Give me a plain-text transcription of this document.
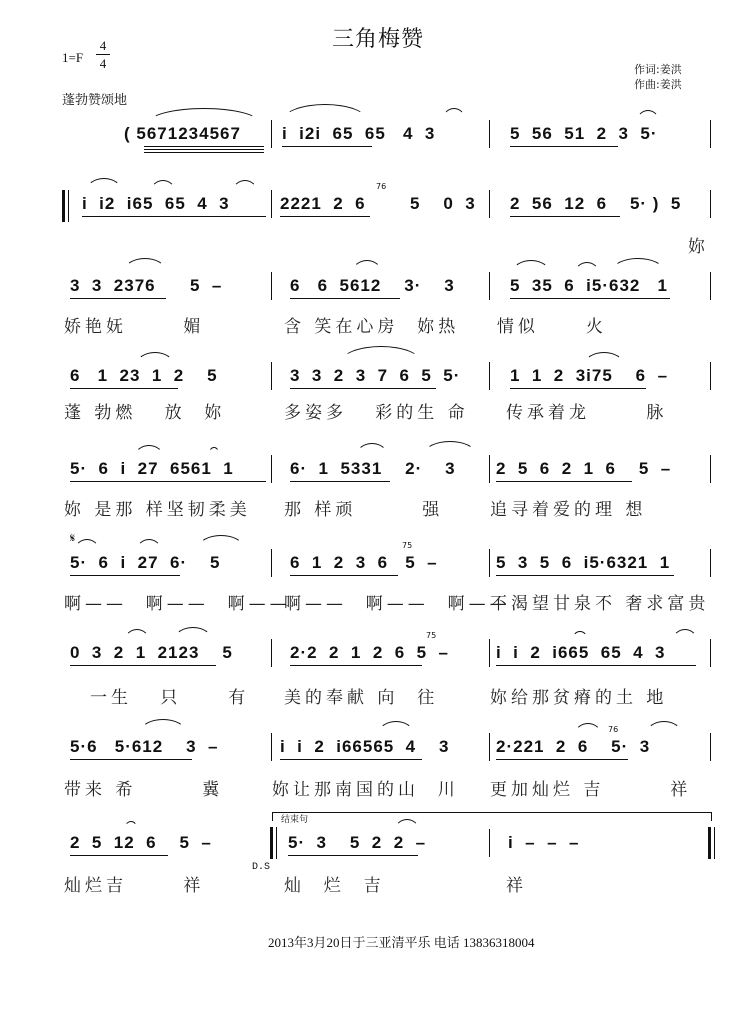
三角梅赞
1=F
4
4	作词:姜洪
作曲:姜洪
蓬勃赞颂地
( 5671234567 i  i2i  65  65   4  3	5  56  51  2  3  5·
i  i2  i65  65  4  3	2221  2  6
76
5    0  3 2  56  12  6    5· )  5
妳
3  3  2376      5  –	6   6  5612    3·    3	5  35  6  i5·632   1
娇艳妩      媚	含 笑在心房  妳热    情似     火
6   1  23  1  2    5	3  3  2  3  7  6  5  5·	1  1  2  3i75    6  –
蓬 勃燃   放  妳	多姿多   彩的生 命 传承着龙      脉
5·  6  i  27  6561  1	6·  1  5331    2·    3 2  5  6  2  1  6    5  –
妳 是那 样坚韧柔美 那 样顽       强	追寻着爱的理 想
𝄋
5·  6  i  27  6·    5	6  1  2  3  6   5  –
75
5  3  5  6  i5·6321  1
啊——  啊——  啊——
啊——  啊——  啊——
不渴望甘泉不 奢求富贵
0  3  2  1  2123    5	2·2  2  1  2  6  5  –
75
i  i  2  i665  65  4  3
一生   只     有 美的奉献 向  往	妳给那贫瘠的土 地
5·6   5·612    3  –	i  i  2  i66565  4    3	2·221  2  6    5·  3
76
带来 希       冀	妳让那南国的山  川 更加灿烂 吉       祥
结束句
2  5  12  6    5  –	5·  3    5  2  2  –	i  –  –  –
灿烂吉      祥	灿  烂  吉	祥
D.S
2013年3月20日于三亚清平乐 电话 13836318004
